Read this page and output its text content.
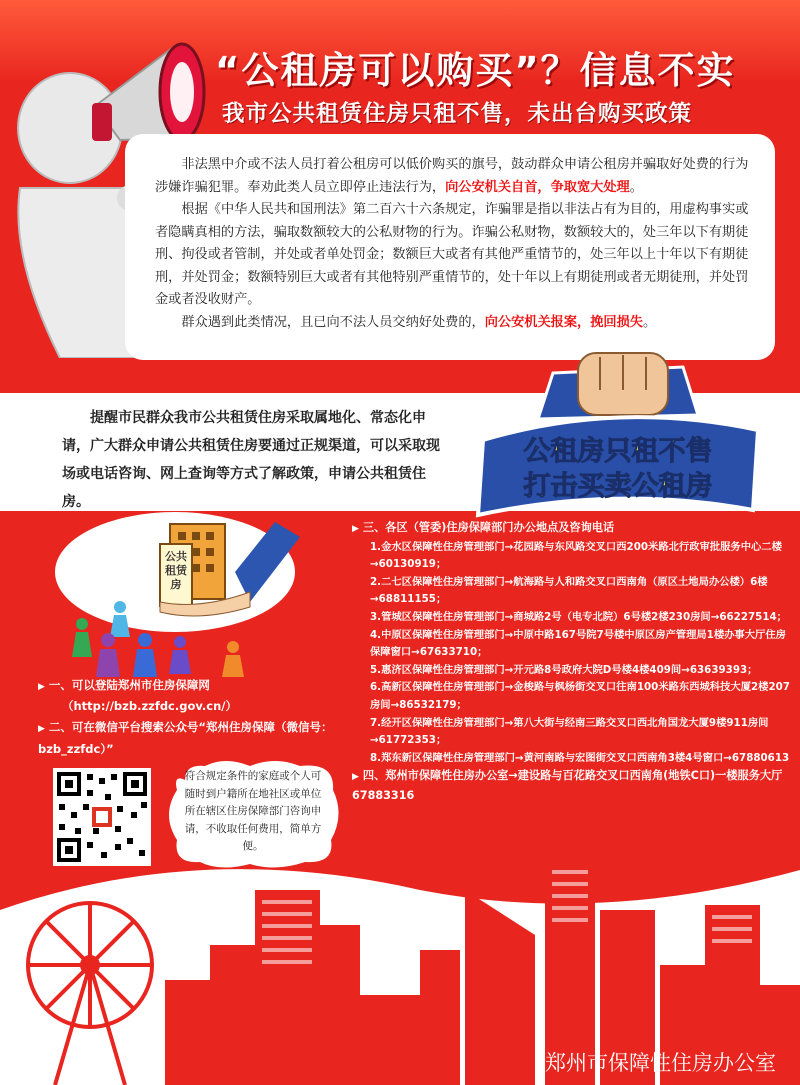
“公租房可以购买”？信息不实
我市公共租赁住房只租不售，未出台购买政策

非法黑中介或不法人员打着公租房可以低价购买的旗号，鼓动群众申请公租房并骗取好处费的行为涉嫌诈骗犯罪。奉劝此类人员立即停止违法行为，向公安机关自首，争取宽大处理。

根据《中华人民共和国刑法》第二百六十六条规定，诈骗罪是指以非法占有为目的，用虚构事实或者隐瞒真相的方法，骗取数额较大的公私财物的行为。诈骗公私财物，数额较大的，处三年以下有期徒刑、拘役或者管制，并处或者单处罚金；数额巨大或者有其他严重情节的，处三年以上十年以下有期徒刑，并处罚金；数额特别巨大或者有其他特别严重情节的，处十年以上有期徒刑或者无期徒刑，并处罚金或者没收财产。

群众遇到此类情况，且已向不法人员交纳好处费的，向公安机关报案，挽回损失。

提醒市民群众我市公共租赁住房采取属地化、常态化申请，广大群众申请公共租赁住房要通过正规渠道，可以采取现场或电话咨询、网上查询等方式了解政策，申请公共租赁住房。
公租房只租不售
打击买卖公租房
公共
租赁
房
▶ 一、可以登陆郑州市住房保障网
（http://bzb.zzfdc.gov.cn/）
▶ 二、可在微信平台搜索公众号“郑州住房保障（微信号：bzb_zzfdc）”
符合规定条件的家庭或个人可随时到户籍所在地社区或单位所在辖区住房保障部门咨询申请，不收取任何费用，简单方便。
▶ 三、各区（管委)住房保障部门办公地点及咨询电话
1.金水区保障性住房管理部门→花园路与东风路交叉口西200米路北行政审批服务中心二楼→60130919；
2.二七区保障性住房管理部门→航海路与人和路交叉口西南角（原区土地局办公楼）6楼→68811155；
3.管城区保障性住房管理部门→商城路2号（电专北院）6号楼2楼230房间→66227514；
4.中原区保障性住房管理部门→中原中路167号院7号楼中原区房产管理局1楼办事大厅住房保障窗口→67633710；
5.惠济区保障性住房管理部门→开元路8号政府大院D号楼4楼409间→63639393；
6.高新区保障性住房管理部门→金梭路与枫杨街交叉口往南100米路东西城科技大厦2楼207房间→86532179；
7.经开区保障性住房管理部门→第八大街与经南三路交叉口西北角国龙大厦9楼911房间→61772353；
8.郑东新区保障性住房管理部门→黄河南路与宏图街交叉口西南角3楼4号窗口→67880613
▶ 四、郑州市保障性住房办公室→建设路与百花路交叉口西南角(地铁C口)一楼服务大厅67883316
郑州市保障性住房办公室
